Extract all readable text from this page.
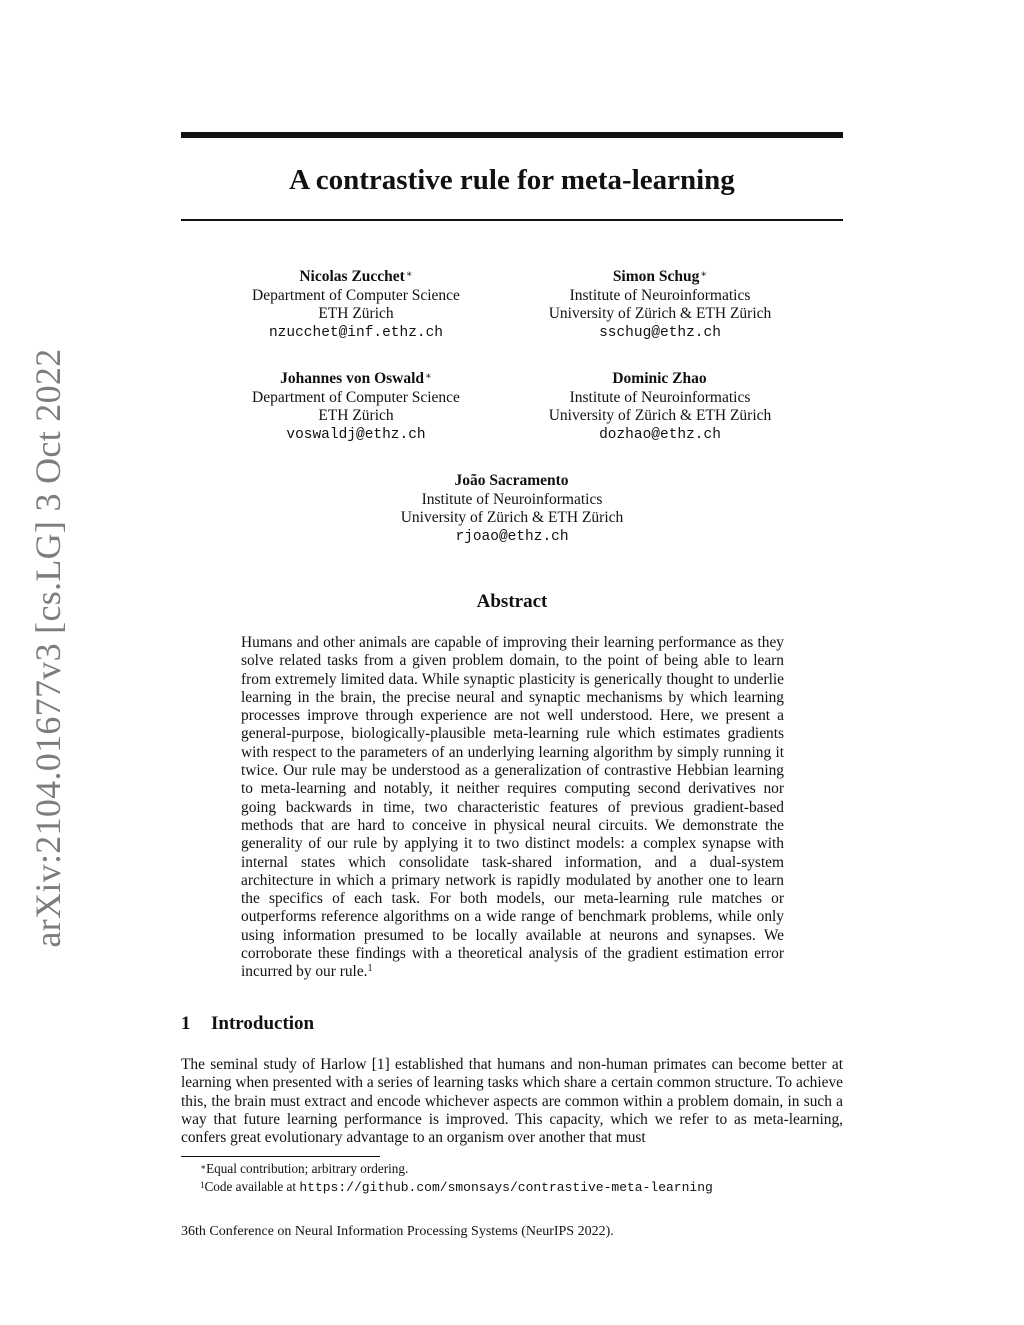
arXiv:2104.01677v3 [cs.LG] 3 Oct 2022
A contrastive rule for meta-learning
Nicolas Zucchet∗
Department of Computer Science
ETH Zürich
nzucchet@inf.ethz.ch
Simon Schug∗
Institute of Neuroinformatics
University of Zürich & ETH Zürich
sschug@ethz.ch
Johannes von Oswald∗
Department of Computer Science
ETH Zürich
voswaldj@ethz.ch
Dominic Zhao
Institute of Neuroinformatics
University of Zürich & ETH Zürich
dozhao@ethz.ch
João Sacramento
Institute of Neuroinformatics
University of Zürich & ETH Zürich
rjoao@ethz.ch
Abstract
Humans and other animals are capable of improving their learning performance as they solve related tasks from a given problem domain, to the point of being able to learn from extremely limited data. While synaptic plasticity is generically thought to underlie learning in the brain, the precise neural and synaptic mechanisms by which learning processes improve through experience are not well understood. Here, we present a general-purpose, biologically-plausible meta-learning rule which estimates gradients with respect to the parameters of an underlying learning algorithm by simply running it twice. Our rule may be understood as a generalization of contrastive Hebbian learning to meta-learning and notably, it neither requires computing second derivatives nor going backwards in time, two characteristic features of previous gradient-based methods that are hard to conceive in physical neural circuits. We demonstrate the generality of our rule by applying it to two distinct models: a complex synapse with internal states which consolidate task-shared information, and a dual-system architecture in which a primary network is rapidly modulated by another one to learn the specifics of each task. For both models, our meta-learning rule matches or outperforms reference algorithms on a wide range of benchmark problems, while only using information presumed to be locally available at neurons and synapses. We corroborate these findings with a theoretical analysis of the gradient estimation error incurred by our rule.$^1$
1 Introduction
The seminal study of Harlow [1] established that humans and non-human primates can become better at learning when presented with a series of learning tasks which share a certain common structure. To achieve this, the brain must extract and encode whichever aspects are common within a problem domain, in such a way that future learning performance is improved. This capacity, which we refer to as meta-learning, confers great evolutionary advantage to an organism over another that must
∗Equal contribution; arbitrary ordering.
$^1$Code available at https://github.com/smonsays/contrastive-meta-learning
36th Conference on Neural Information Processing Systems (NeurIPS 2022).
